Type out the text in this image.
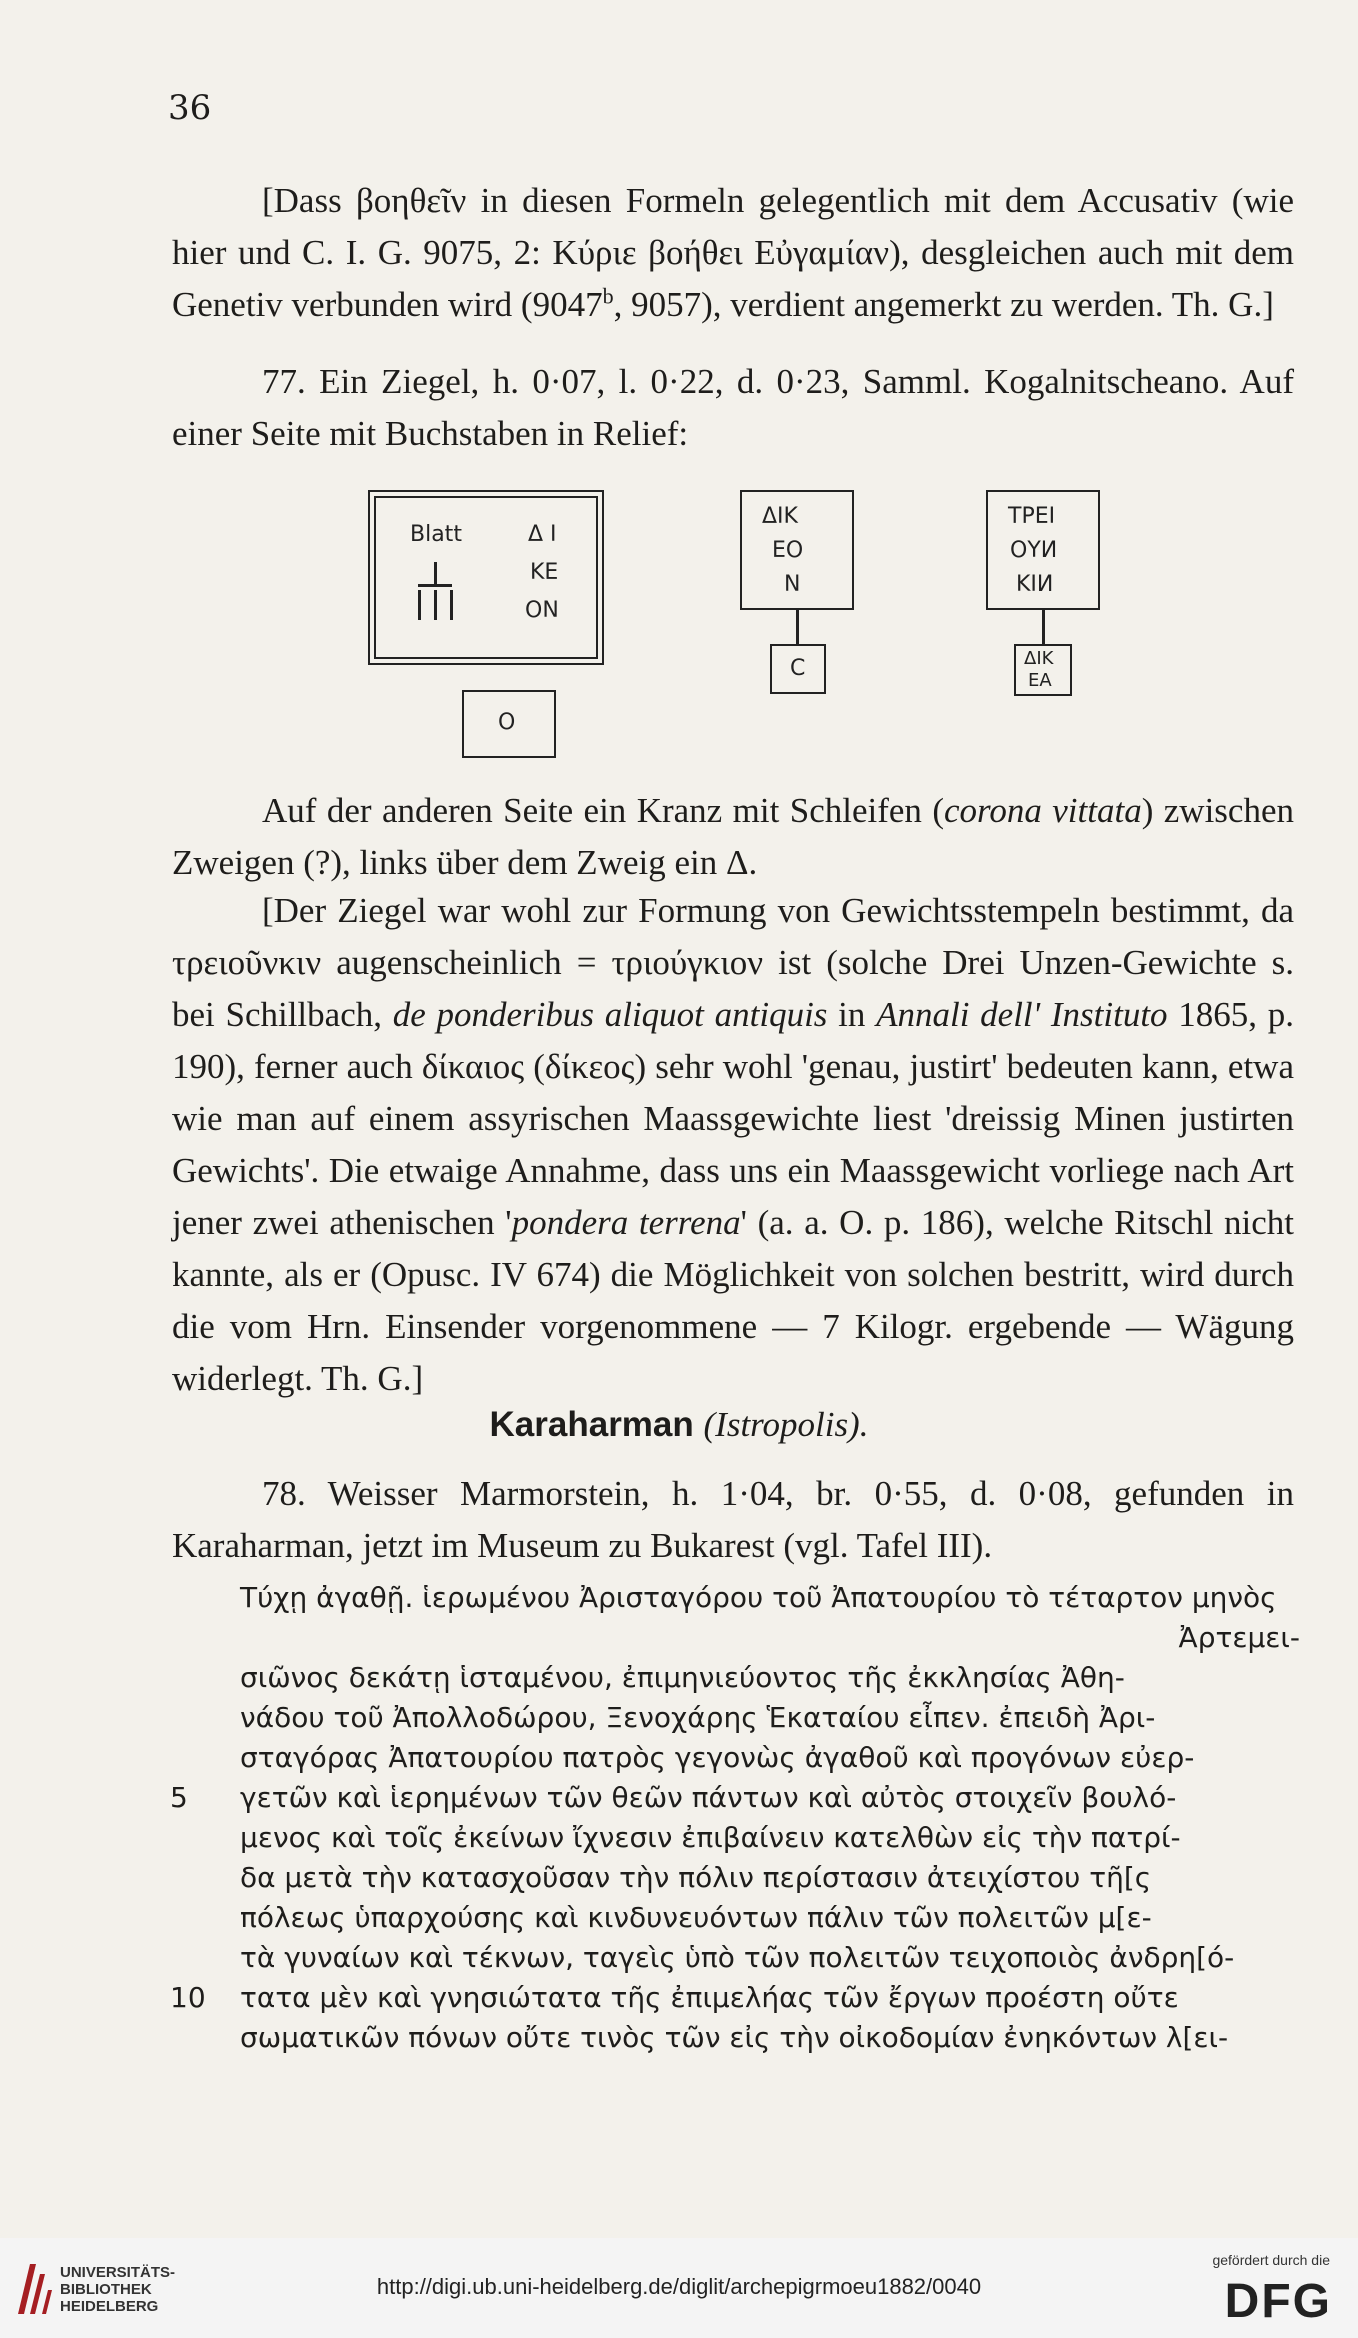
36
[Dass βοηθεῖν in diesen Formeln gelegentlich mit dem Accusativ (wie hier und C. I. G. 9075, 2: Κύριε βοήθει Εὐγαμίαν), desgleichen auch mit dem Genetiv verbunden wird (9047$^b$, 9057), verdient angemerkt zu werden. Th. G.]
77. Ein Ziegel, h. 0·07, l. 0·22, d. 0·23, Samml. Kogalnitscheano. Auf einer Seite mit Buchstaben in Relief:
Blatt	Δ Ι
ΚΕ
ΟΝ
Ο
ΔΙΚ
ΕΟ
Ν
C
ΤΡΕΙ
ΟΥИ
ΚΙИ
ΔΙΚ
ΕΑ
Auf der anderen Seite ein Kranz mit Schleifen (corona vittata) zwischen Zweigen (?), links über dem Zweig ein Δ.
[Der Ziegel war wohl zur Formung von Gewichtsstempeln bestimmt, da τρειοῦνκιν augenscheinlich = τριούγκιον ist (solche Drei Unzen-Gewichte s. bei Schillbach, de ponderibus aliquot antiquis in Annali dell' Instituto 1865, p. 190), ferner auch δίκαιος (δίκεος) sehr wohl 'genau, justirt' bedeuten kann, etwa wie man auf einem assyrischen Maassgewichte liest 'dreissig Minen justirten Gewichts'. Die etwaige Annahme, dass uns ein Maassgewicht vorliege nach Art jener zwei athenischen 'pondera terrena' (a. a. O. p. 186), welche Ritschl nicht kannte, als er (Opusc. IV 674) die Möglichkeit von solchen bestritt, wird durch die vom Hrn. Einsender vorgenommene — 7 Kilogr. ergebende — Wägung widerlegt. Th. G.]
Karaharman (Istropolis).
78. Weisser Marmorstein, h. 1·04, br. 0·55, d. 0·08, gefunden in Karaharman, jetzt im Museum zu Bukarest (vgl. Tafel III).
Τύχῃ ἀγαθῇ. ἱερωμένου Ἀρισταγόρου τοῦ Ἀπατουρίου τὸ τέταρτον μηνὸς
Ἀρτεμει-
σιῶνος δεκάτῃ ἱσταμένου, ἐπιμηνιεύοντος τῆς ἐκκλησίας Ἀθη-
νάδου τοῦ Ἀπολλοδώρου, Ξενοχάρης Ἑκαταίου εἶπεν. ἐπειδὴ Ἀρι-
σταγόρας Ἀπατουρίου πατρὸς γεγονὼς ἀγαθοῦ καὶ προγόνων εὐερ-
5	γετῶν καὶ ἱερημένων τῶν θεῶν πάντων καὶ αὐτὸς στοιχεῖν βουλό-
μενος καὶ τοῖς ἐκείνων ἴχνεσιν ἐπιβαίνειν κατελθὼν εἰς τὴν πατρί-
δα μετὰ τὴν κατασχοῦσαν τὴν πόλιν περίστασιν ἀτειχίστου τῆ[ς
πόλεως ὑπαρχούσης καὶ κινδυνευόντων πάλιν τῶν πολειτῶν μ[ε-
τὰ γυναίων καὶ τέκνων, ταγεὶς ὑπὸ τῶν πολειτῶν τειχοποιὸς ἀνδρη[ό-
10 τατα μὲν καὶ γνησιώτατα τῆς ἐπιμελήας τῶν ἔργων προέστη οὔτε
σωματικῶν πόνων οὔτε τινὸς τῶν εἰς τὴν οἰκοδομίαν ἐνηκόντων λ[ει-
UNIVERSITÄTS-
BIBLIOTHEK
HEIDELBERG
http://digi.ub.uni-heidelberg.de/diglit/archepigrmoeu1882/0040
gefördert durch die
DFG
